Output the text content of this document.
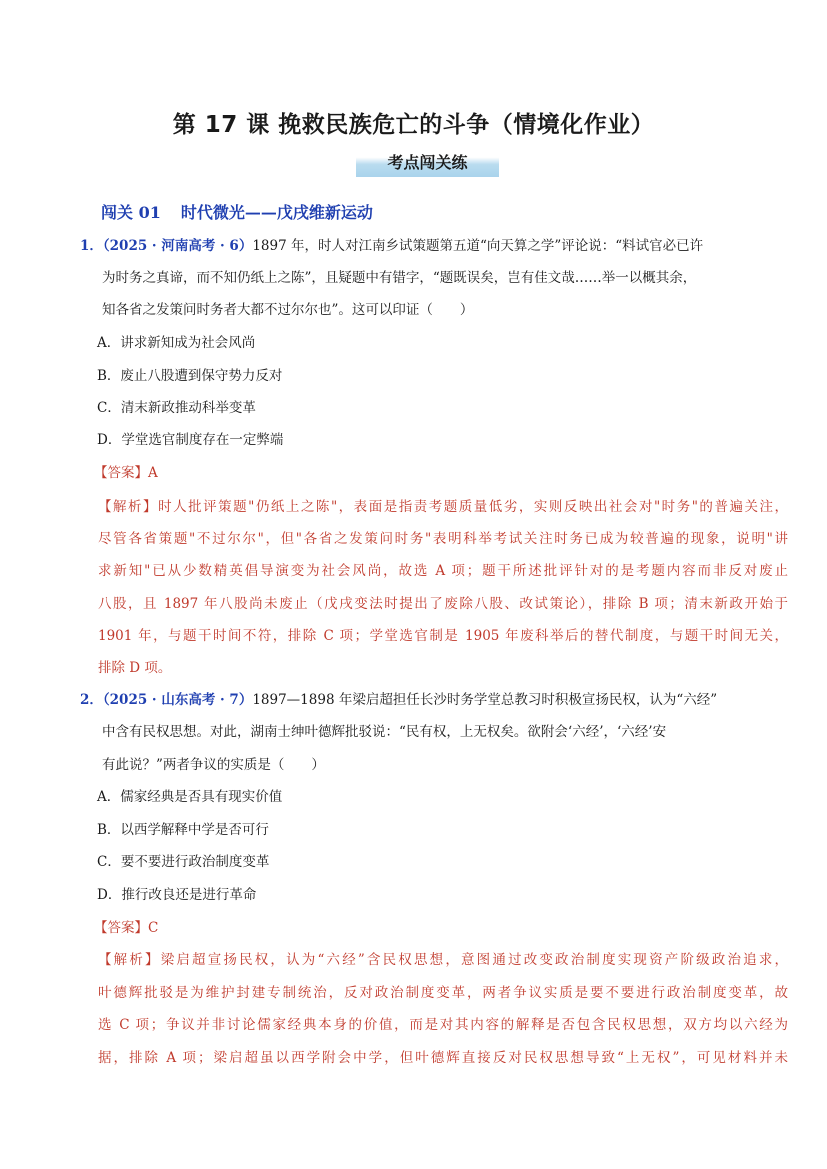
第 17 课 挽救民族危亡的斗争（情境化作业）
考点闯关练
闯关 01 时代微光——戊戌维新运动
1．（2025 · 河南高考 · 6）1897 年，时人对江南乡试策题第五道“向天算之学”评论说：“料试官必已许
为时务之真谛，而不知仍纸上之陈”，且疑题中有错字，“题既误矣，岂有佳文哉……举一以概其余，
知各省之发策问时务者大都不过尔尔也”。这可以印证（　　）
A．讲求新知成为社会风尚
B．废止八股遭到保守势力反对
C．清末新政推动科举变革
D．学堂选官制度存在一定弊端
【答案】A
【解析】时人批评策题"仍纸上之陈"，表面是指责考题质量低劣，实则反映出社会对"时务"的普遍关注，
尽管各省策题"不过尔尔"，但"各省之发策问时务"表明科举考试关注时务已成为较普遍的现象，说明"讲
求新知"已从少数精英倡导演变为社会风尚，故选 A 项；题干所述批评针对的是考题内容而非反对废止
八股，且 1897 年八股尚未废止（戊戌变法时提出了废除八股、改试策论），排除 B 项；清末新政开始于
1901 年，与题干时间不符，排除 C 项；学堂选官制是 1905 年废科举后的替代制度，与题干时间无关，
排除 D 项。
2．（2025 · 山东高考 · 7）1897—1898 年梁启超担任长沙时务学堂总教习时积极宣扬民权，认为“六经”
中含有民权思想。对此，湖南士绅叶德辉批驳说：“民有权，上无权矣。欲附会‘六经’，‘六经’安
有此说？”两者争议的实质是（　　）
A．儒家经典是否具有现实价值
B．以西学解释中学是否可行
C．要不要进行政治制度变革
D．推行改良还是进行革命
【答案】C
【解析】梁启超宣扬民权，认为“六经”含民权思想，意图通过改变政治制度实现资产阶级政治追求，
叶德辉批驳是为维护封建专制统治，反对政治制度变革，两者争议实质是要不要进行政治制度变革，故
选 C 项；争议并非讨论儒家经典本身的价值，而是对其内容的解释是否包含民权思想，双方均以六经为
据，排除 A 项；梁启超虽以西学附会中学，但叶德辉直接反对民权思想导致“上无权”，可见材料并未
